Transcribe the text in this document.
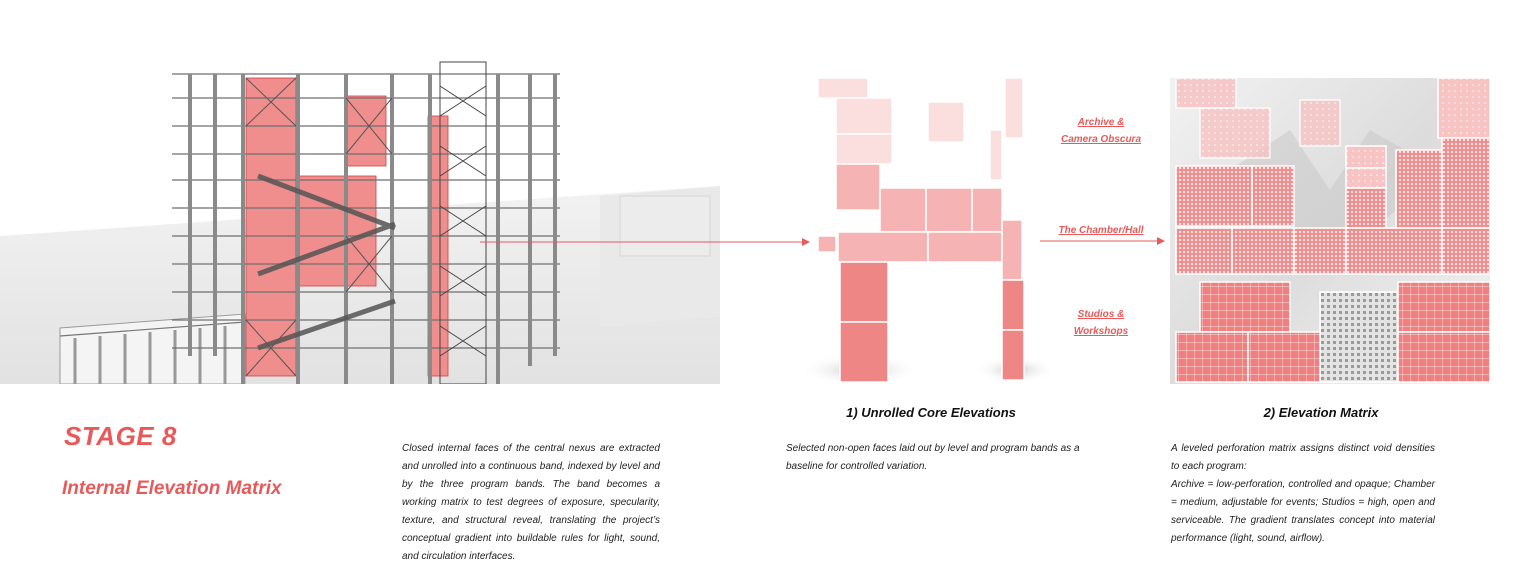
Archive &
Camera Obscura
The Chamber/Hall
Studios &
Workshops
STAGE 8
Internal Elevation Matrix
Closed internal faces of the central nexus are extracted and unrolled into a continuous band, indexed by level and by the three program bands. The band becomes a working matrix to test degrees of exposure, specularity, texture, and structural reveal, translating the project’s conceptual gradient into buildable rules for light, sound, and circulation interfaces.
1) Unrolled Core Elevations
Selected non-open faces laid out by level and program bands as a baseline for controlled variation.
2) Elevation Matrix

A leveled perforation matrix assigns distinct void densities to each program:

Archive = low-perforation, controlled and opaque; Chamber = medium, adjustable for events; Studios = high, open and serviceable. The gradient translates concept into material performance (light, sound, airflow).
